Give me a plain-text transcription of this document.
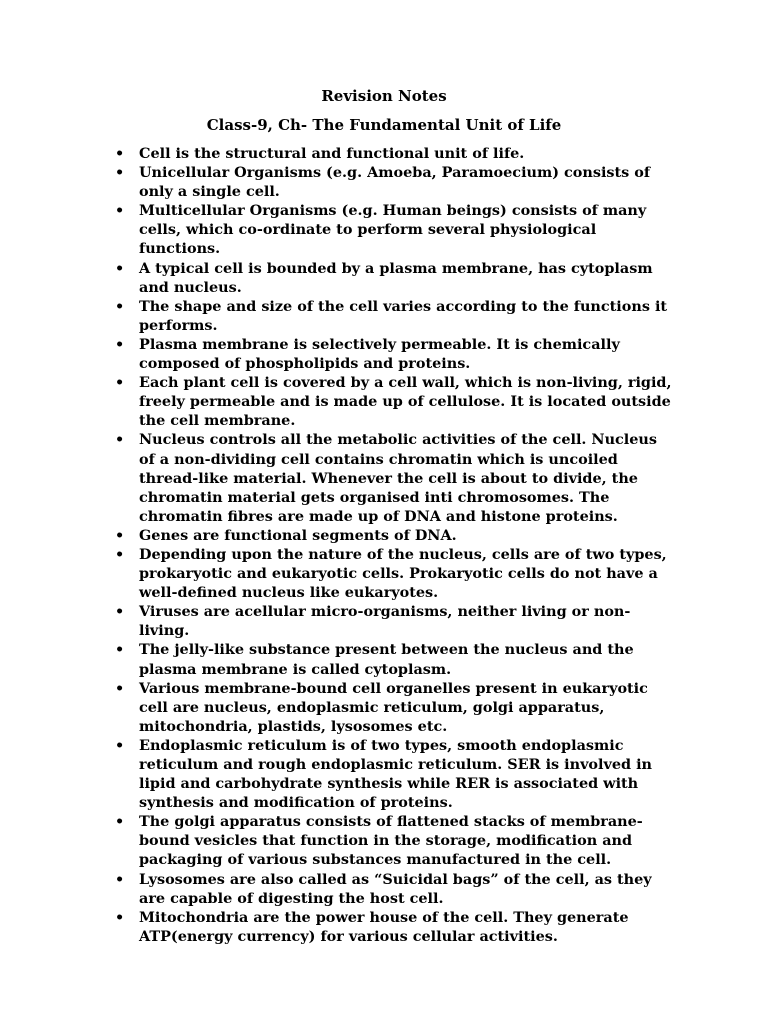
Revision Notes
Class-9, Ch- The Fundamental Unit of Life
• Cell is the structural and functional unit of life.
• Unicellular Organisms (e.g. Amoeba, Paramoecium) consists of only a single cell.
• Multicellular Organisms (e.g. Human beings) consists of many cells, which co-ordinate to perform several physiological functions.
• A typical cell is bounded by a plasma membrane, has cytoplasm and nucleus.
• The shape and size of the cell varies according to the functions it performs.
• Plasma membrane is selectively permeable. It is chemically composed of phospholipids and proteins.
• Each plant cell is covered by a cell wall, which is non-living, rigid, freely permeable and is made up of cellulose. It is located outside the cell membrane.
• Nucleus controls all the metabolic activities of the cell. Nucleus of a non-dividing cell contains chromatin which is uncoiled thread-like material. Whenever the cell is about to divide, the chromatin material gets organised inti chromosomes. The chromatin fibres are made up of DNA and histone proteins.
• Genes are functional segments of DNA.
• Depending upon the nature of the nucleus, cells are of two types, prokaryotic and eukaryotic cells. Prokaryotic cells do not have a well-defined nucleus like eukaryotes.
• Viruses are acellular micro-organisms, neither living or non-living.
• The jelly-like substance present between the nucleus and the plasma membrane is called cytoplasm.
• Various membrane-bound cell organelles present in eukaryotic cell are nucleus, endoplasmic reticulum, golgi apparatus, mitochondria, plastids, lysosomes etc.
• Endoplasmic reticulum is of two types, smooth endoplasmic reticulum and rough endoplasmic reticulum. SER is involved in lipid and carbohydrate synthesis while RER is associated with synthesis and modification of proteins.
• The golgi apparatus consists of flattened stacks of membrane-bound vesicles that function in the storage, modification and packaging of various substances manufactured in the cell.
• Lysosomes are also called as “Suicidal bags” of the cell, as they are capable of digesting the host cell.
• Mitochondria are the power house of the cell. They generate ATP(energy currency) for various cellular activities.
